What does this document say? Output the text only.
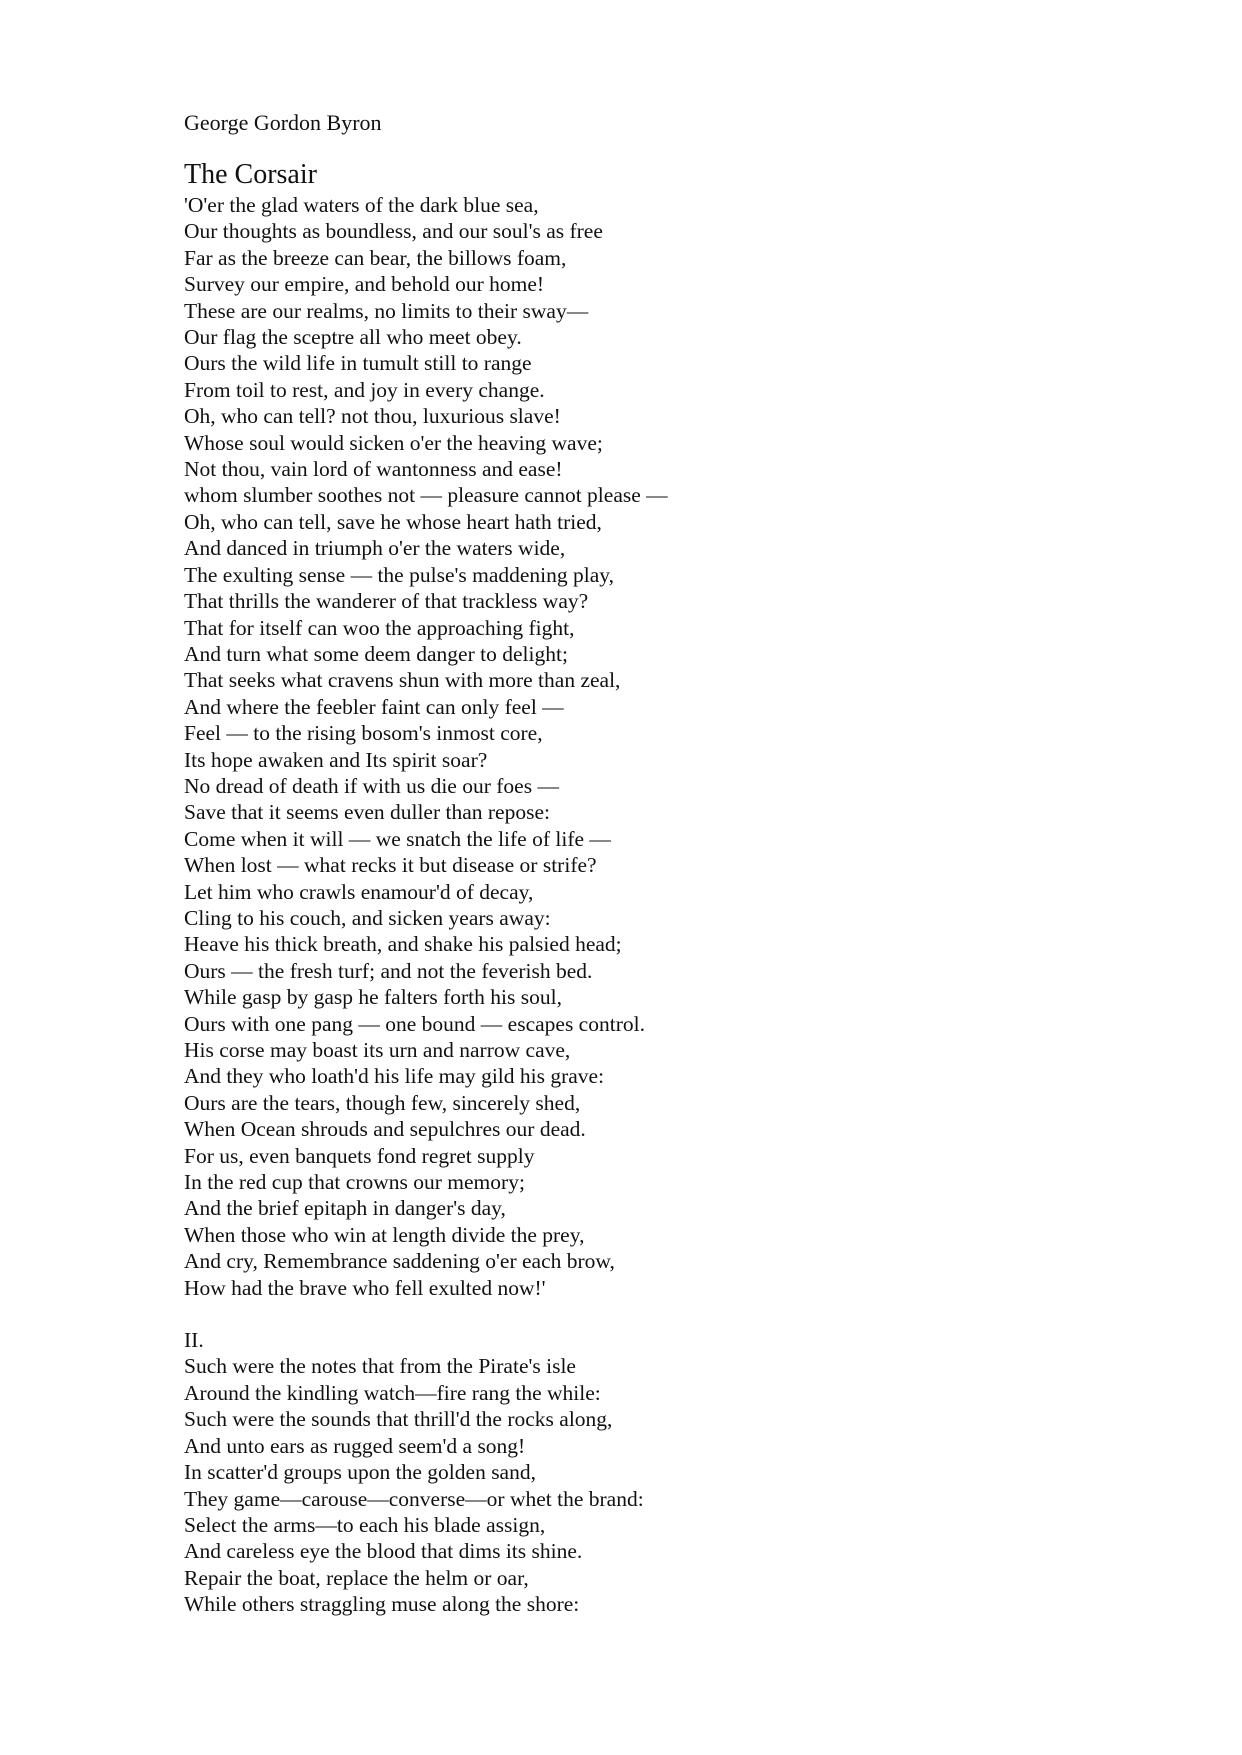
George Gordon Byron
The Corsair
'O'er the glad waters of the dark blue sea,
Our thoughts as boundless, and our soul's as free
Far as the breeze can bear, the billows foam,
Survey our empire, and behold our home!
These are our realms, no limits to their sway—
Our flag the sceptre all who meet obey.
Ours the wild life in tumult still to range
From toil to rest, and joy in every change.
Oh, who can tell? not thou, luxurious slave!
Whose soul would sicken o'er the heaving wave;
Not thou, vain lord of wantonness and ease!
whom slumber soothes not — pleasure cannot please —
Oh, who can tell, save he whose heart hath tried,
And danced in triumph o'er the waters wide,
The exulting sense — the pulse's maddening play,
That thrills the wanderer of that trackless way?
That for itself can woo the approaching fight,
And turn what some deem danger to delight;
That seeks what cravens shun with more than zeal,
And where the feebler faint can only feel —
Feel — to the rising bosom's inmost core,
Its hope awaken and Its spirit soar?
No dread of death if with us die our foes —
Save that it seems even duller than repose:
Come when it will — we snatch the life of life —
When lost — what recks it but disease or strife?
Let him who crawls enamour'd of decay,
Cling to his couch, and sicken years away:
Heave his thick breath, and shake his palsied head;
Ours — the fresh turf; and not the feverish bed.
While gasp by gasp he falters forth his soul,
Ours with one pang — one bound — escapes control.
His corse may boast its urn and narrow cave,
And they who loath'd his life may gild his grave:
Ours are the tears, though few, sincerely shed,
When Ocean shrouds and sepulchres our dead.
For us, even banquets fond regret supply
In the red cup that crowns our memory;
And the brief epitaph in danger's day,
When those who win at length divide the prey,
And cry, Remembrance saddening o'er each brow,
How had the brave who fell exulted now!'
II.
Such were the notes that from the Pirate's isle
Around the kindling watch—fire rang the while:
Such were the sounds that thrill'd the rocks along,
And unto ears as rugged seem'd a song!
In scatter'd groups upon the golden sand,
They game—carouse—converse—or whet the brand:
Select the arms—to each his blade assign,
And careless eye the blood that dims its shine.
Repair the boat, replace the helm or oar,
While others straggling muse along the shore:
